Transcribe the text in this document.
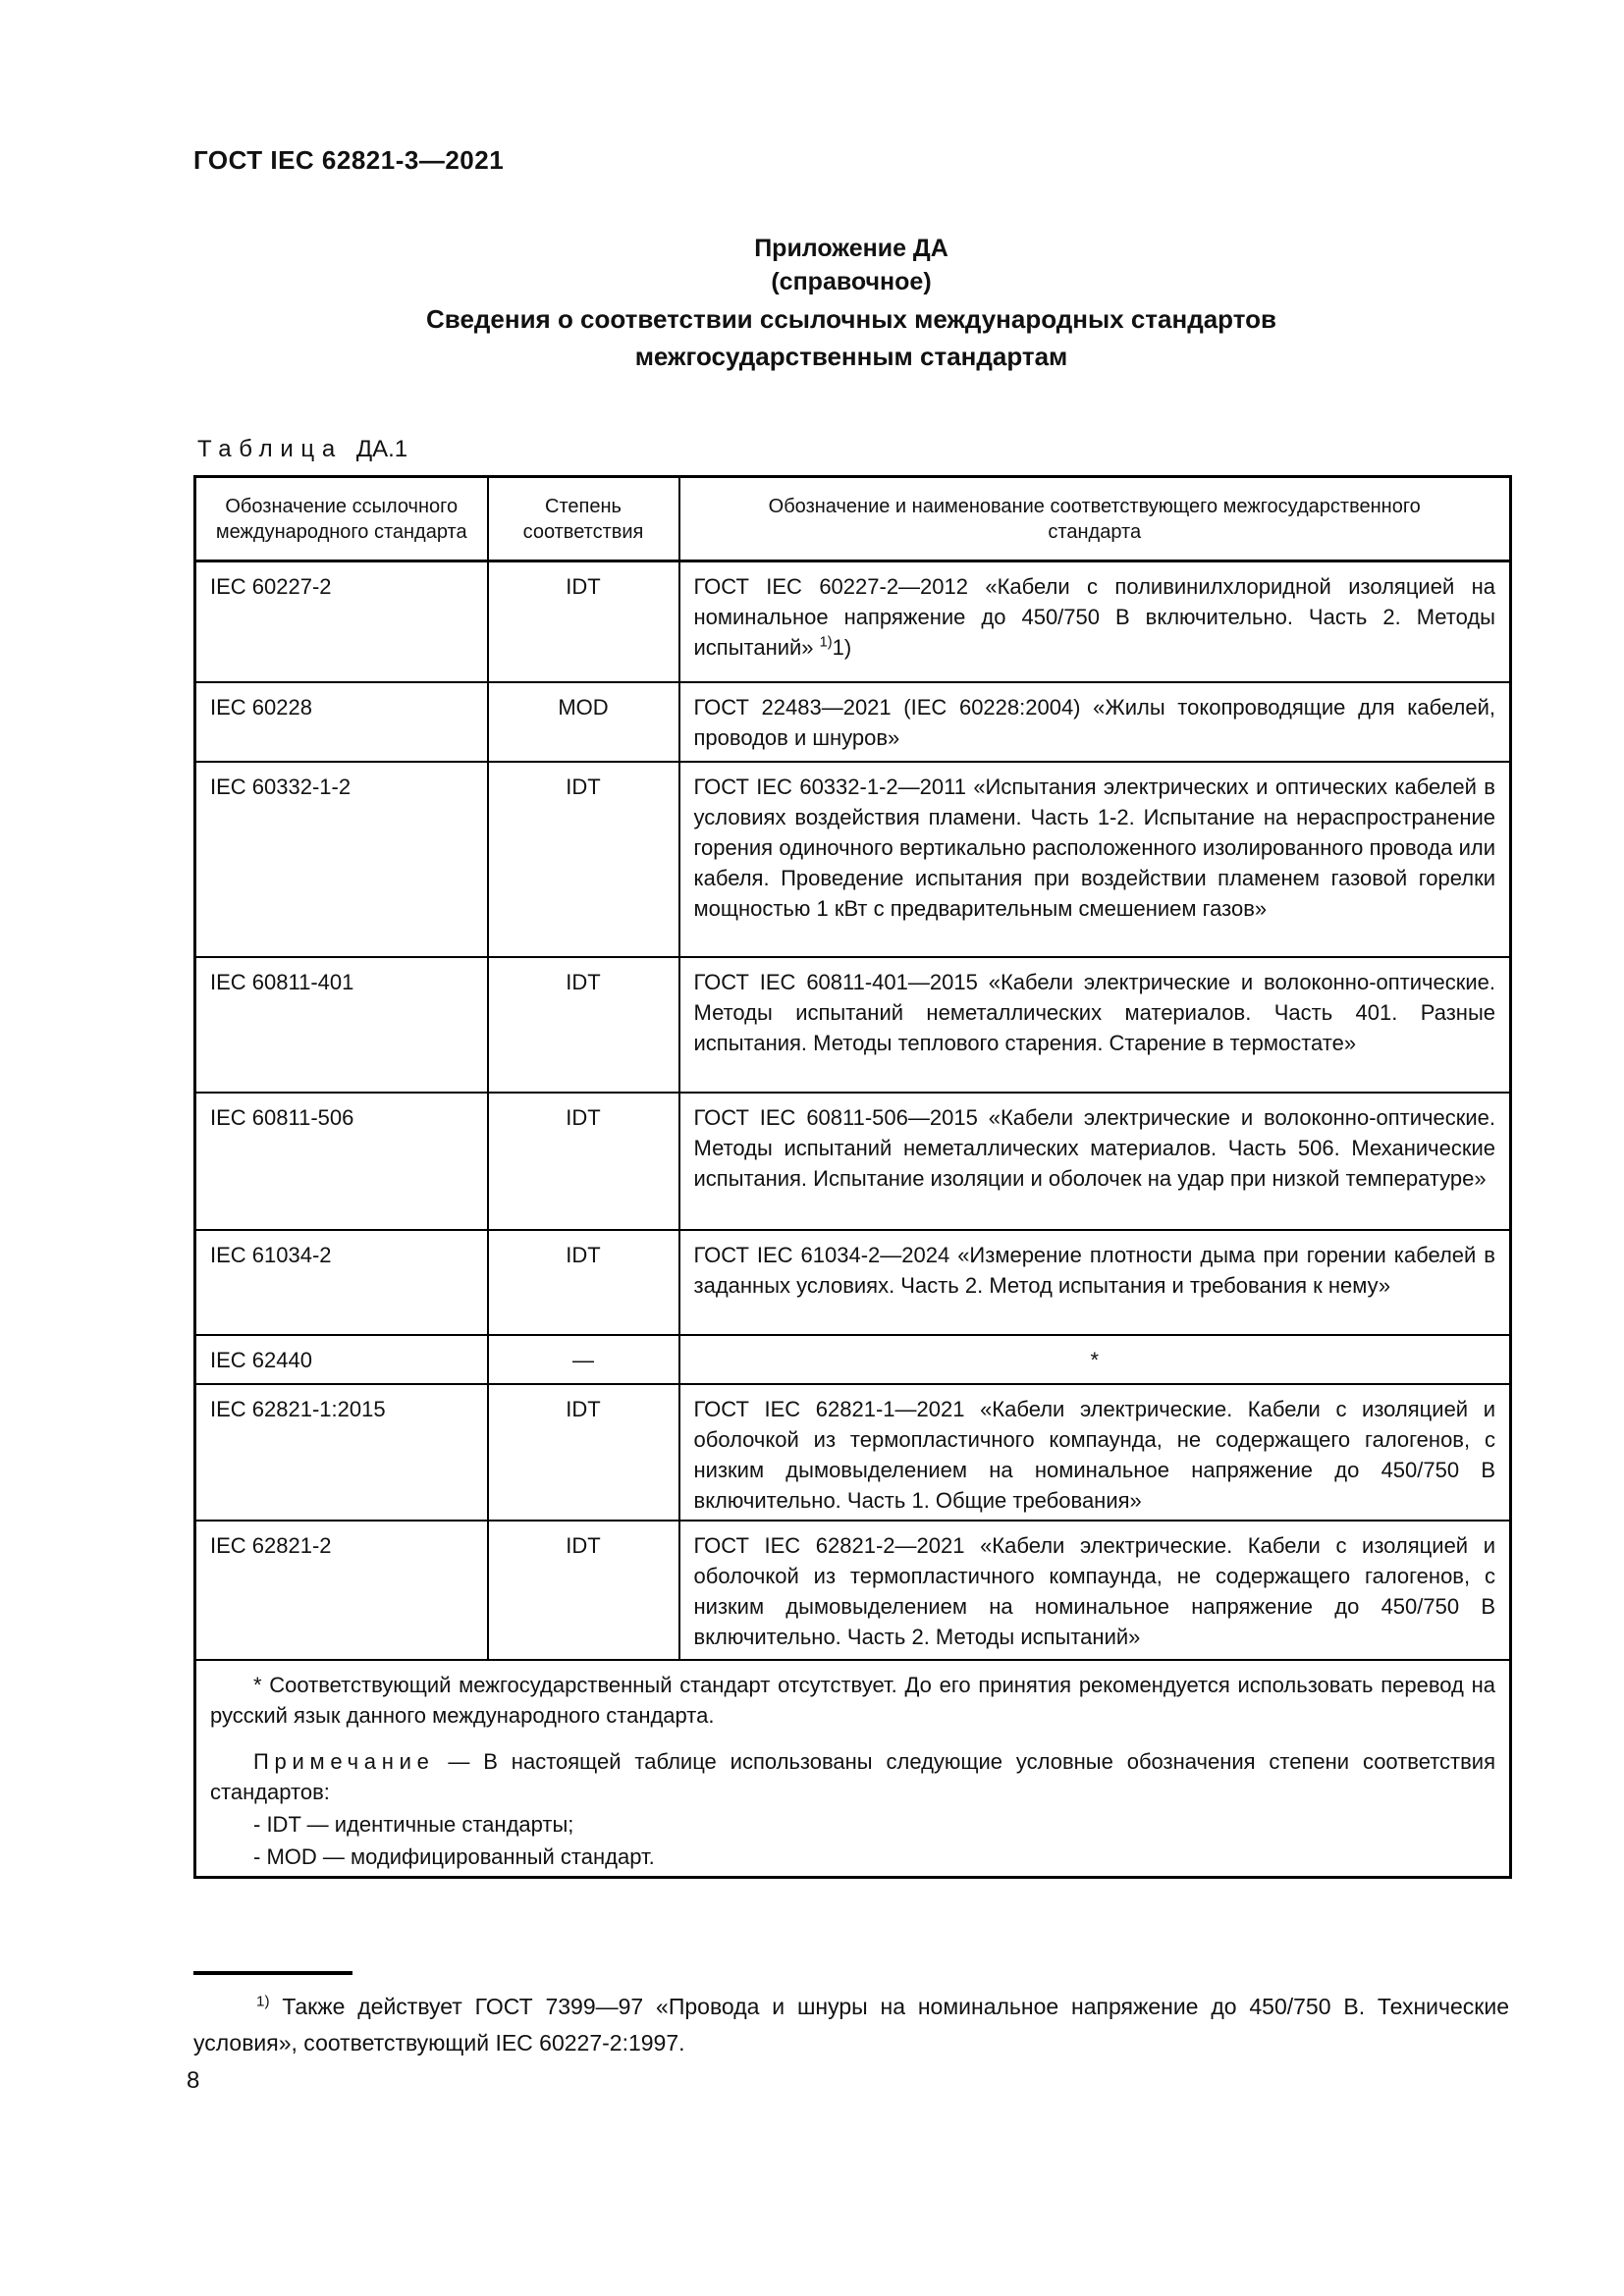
ГОСТ IEC 62821-3—2021
Приложение ДА
(справочное)
Сведения о соответствии ссылочных международных стандартов
межгосударственным стандартам
Таблица ДА.1
Обозначение ссылочного международного стандарта	Степень соответствия	Обозначение и наименование соответствующего межгосударственного
стандарта

IEC 60227-2	IDT	ГОСТ IEC 60227-2—2012 «Кабели с поливинилхлоридной изоляцией на номинальное напряжение до 450/750 В включительно. Часть 2. Методы испытаний» $^{1)}$1)
IEC 60228	MOD	ГОСТ 22483—2021 (IEC 60228:2004) «Жилы токопроводящие для кабелей, проводов и шнуров»
IEC 60332-1-2	IDT	ГОСТ IEC 60332-1-2—2011 «Испытания электрических и оптических кабелей в условиях воздействия пламени. Часть 1-2. Испытание на нераспространение горения одиночного вертикально расположенного изолированного провода или кабеля. Проведение испытания при воздействии пламенем газовой горелки мощностью 1 кВт с предварительным смешением газов»
IEC 60811-401	IDT	ГОСТ IEC 60811-401—2015 «Кабели электрические и волоконно-оптические. Методы испытаний неметаллических материалов. Часть 401. Разные испытания. Методы теплового старения. Старение в термостате»
IEC 60811-506	IDT	ГОСТ IEC 60811-506—2015 «Кабели электрические и волоконно-оптические. Методы испытаний неметаллических материалов. Часть 506. Механические испытания. Испытание изоляции и оболочек на удар при низкой температуре»
IEC 61034-2	IDT	ГОСТ IEC 61034-2—2024 «Измерение плотности дыма при горении кабелей в заданных условиях. Часть 2. Метод испытания и требования к нему»
IEC 62440	—	*
IEC 62821-1:2015	IDT	ГОСТ IEC 62821-1—2021 «Кабели электрические. Кабели с изоляцией и оболочкой из термопластичного компаунда, не содержащего галогенов, с низким дымовыделением на номинальное напряжение до 450/750 В включительно. Часть 1. Общие требования»
IEC 62821-2	IDT	ГОСТ IEC 62821-2—2021 «Кабели электрические. Кабели с изоляцией и оболочкой из термопластичного компаунда, не содержащего галогенов, с низким дымовыделением на номинальное напряжение до 450/750 В включительно. Часть 2. Методы испытаний»

* Соответствующий межгосударственный стандарт отсутствует. До его принятия рекомендуется использовать перевод на русский язык данного международного стандарта.

Примечание — В настоящей таблице использованы следующие условные обозначения степени соответствия стандартов:

- IDT — идентичные стандарты;

- MOD — модифицированный стандарт.		

$^{1)}$ Также действует ГОСТ 7399—97 «Провода и шнуры на номинальное напряжение до 450/750 В. Технические условия», соответствующий IEC 60227-2:1997.

8
